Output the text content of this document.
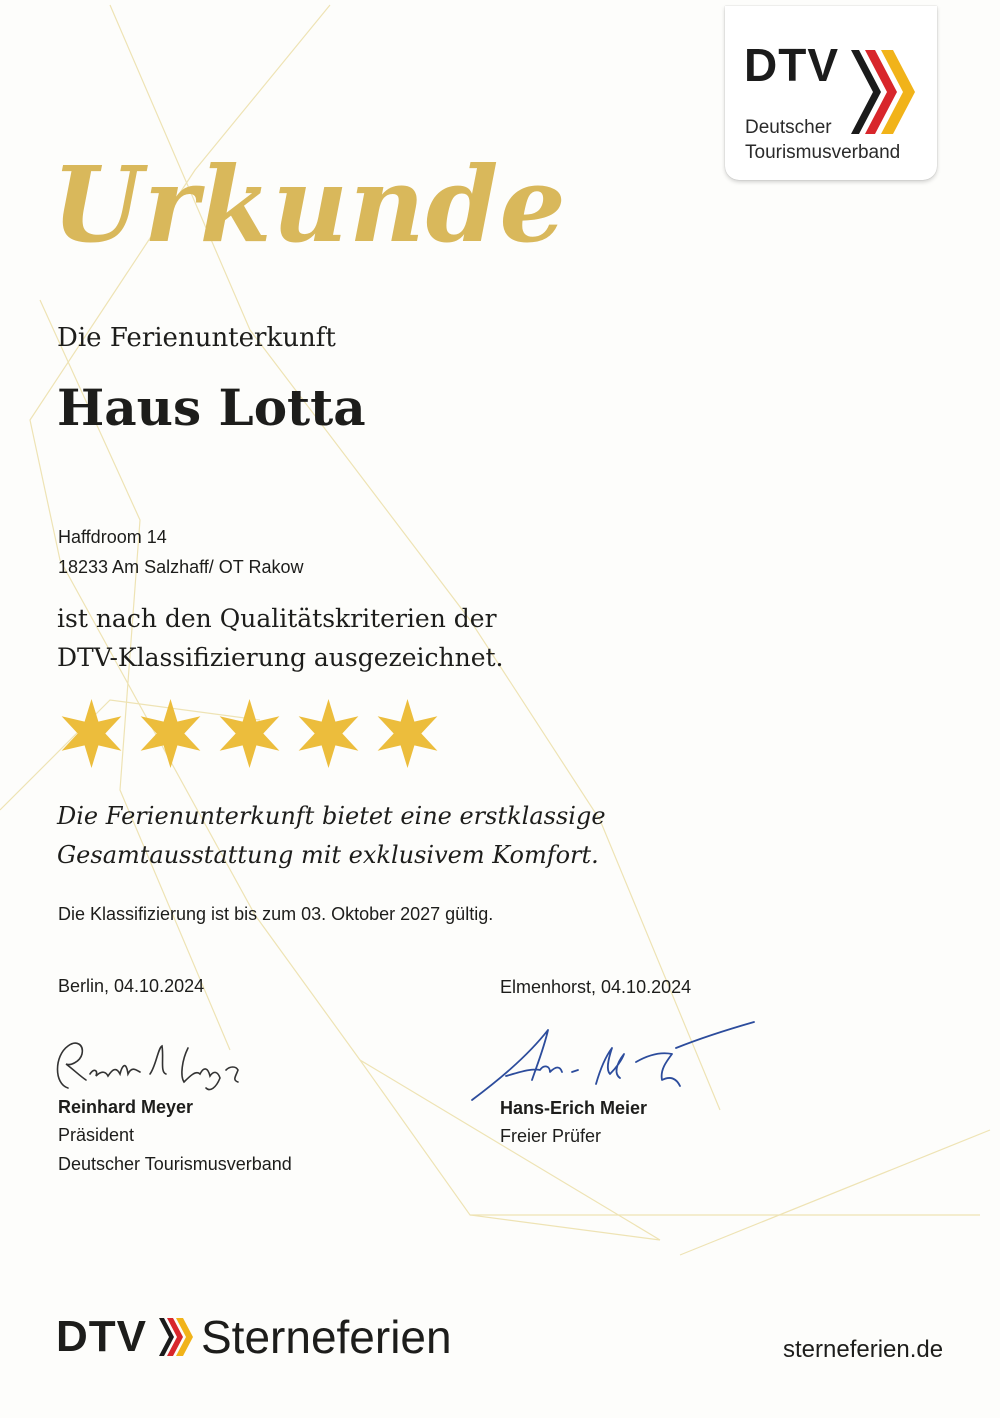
DTV
Deutscher
Tourismusverband
Urkunde
Die Ferienunterkunft
Haus Lotta
Haffdroom 14
18233 Am Salzhaff/ OT Rakow
ist nach den Qualitätskriterien der
DTV-Klassifizierung ausgezeichnet.
Die Ferienunterkunft bietet eine erstklassige
Gesamtausstattung mit exklusivem Komfort.
Die Klassifizierung ist bis zum 03. Oktober 2027 gültig.
Berlin, 04.10.2024
Reinhard Meyer
Präsident
Deutscher Tourismusverband
Elmenhorst, 04.10.2024
Hans-Erich Meier
Freier Prüfer
DTV Sterneferien	sterneferien.de
